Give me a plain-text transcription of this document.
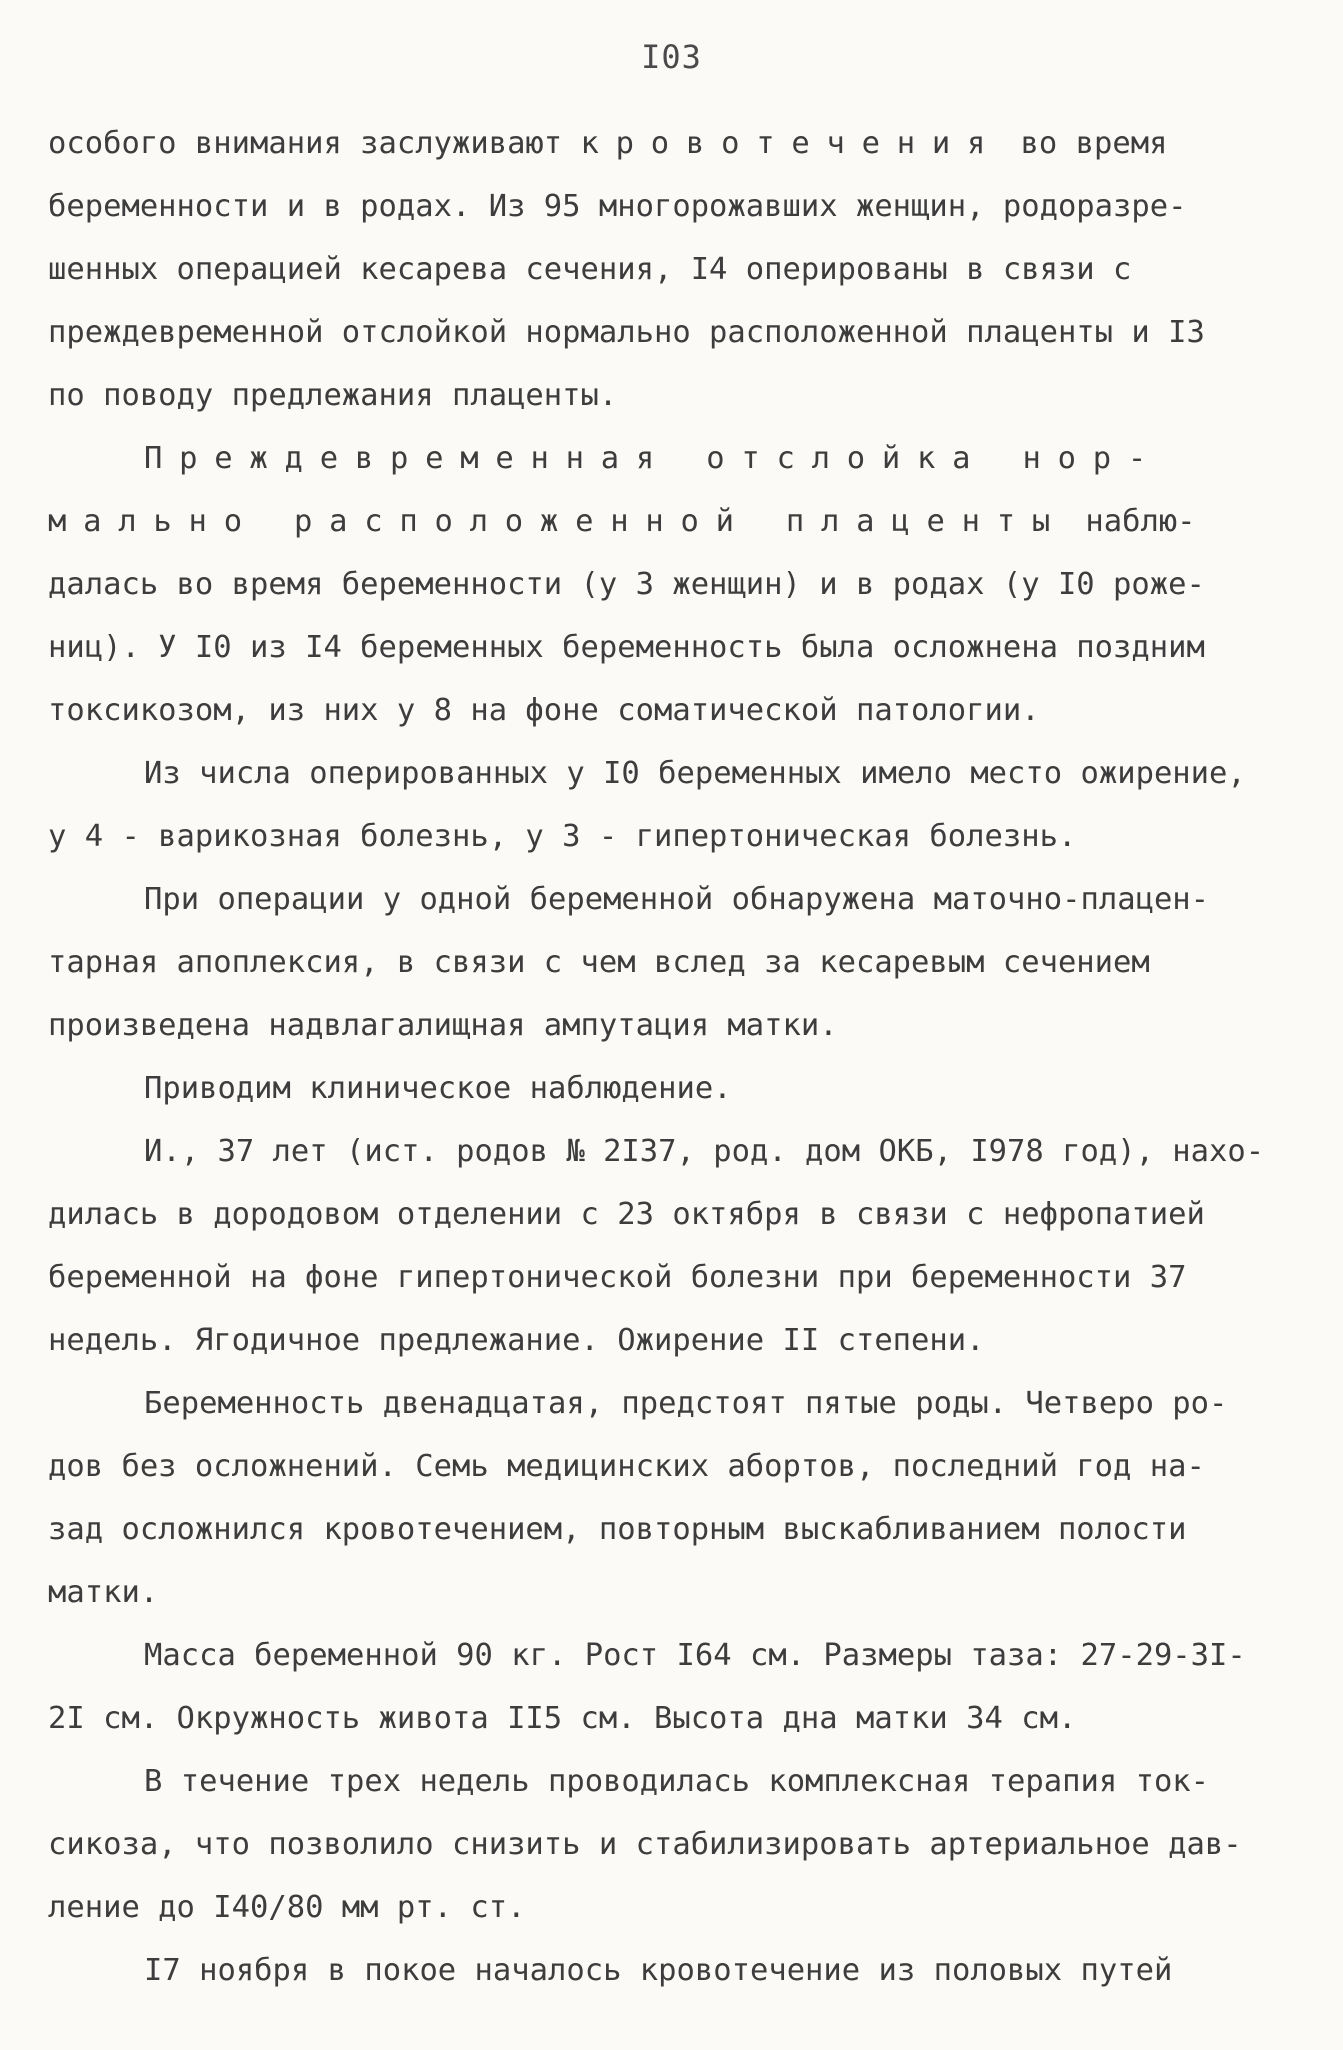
I03
особого внимания заслуживают кровотечения во время
беременности и в родах. Из 95 многорожавших женщин, родоразре-
шенных операцией кесарева сечения, I4 оперированы в связи с
преждевременной отслойкой нормально расположенной плаценты и I3
по поводу предлежания плаценты.
Преждевременная отслойка нор-
мально расположенной плаценты наблю-
далась во время беременности (у 3 женщин) и в родах (у I0 роже-
ниц). У I0 из I4 беременных беременность была осложнена поздним
токсикозом, из них у 8 на фоне соматической патологии.
Из числа оперированных у I0 беременных имело место ожирение,
у 4 - варикозная болезнь, у 3 - гипертоническая болезнь.
При операции у одной беременной обнаружена маточно-плацен-
тарная апоплексия, в связи с чем вслед за кесаревым сечением
произведена надвлагалищная ампутация матки.
Приводим клиническое наблюдение.
И., 37 лет (ист. родов № 2I37, род. дом ОКБ, I978 год), нахо-
дилась в дородовом отделении с 23 октября в связи с нефропатией
беременной на фоне гипертонической болезни при беременности 37
недель. Ягодичное предлежание. Ожирение II степени.
Беременность двенадцатая, предстоят пятые роды. Четверо ро-
дов без осложнений. Семь медицинских абортов, последний год на-
зад осложнился кровотечением, повторным выскабливанием полости
матки.
Масса беременной 90 кг. Рост I64 см. Размеры таза: 27-29-3I-
2I см. Окружность живота II5 см. Высота дна матки 34 см.
В течение трех недель проводилась комплексная терапия ток-
сикоза, что позволило снизить и стабилизировать артериальное дав-
ление до I40/80 мм рт. ст.
I7 ноября в покое началось кровотечение из половых путей
